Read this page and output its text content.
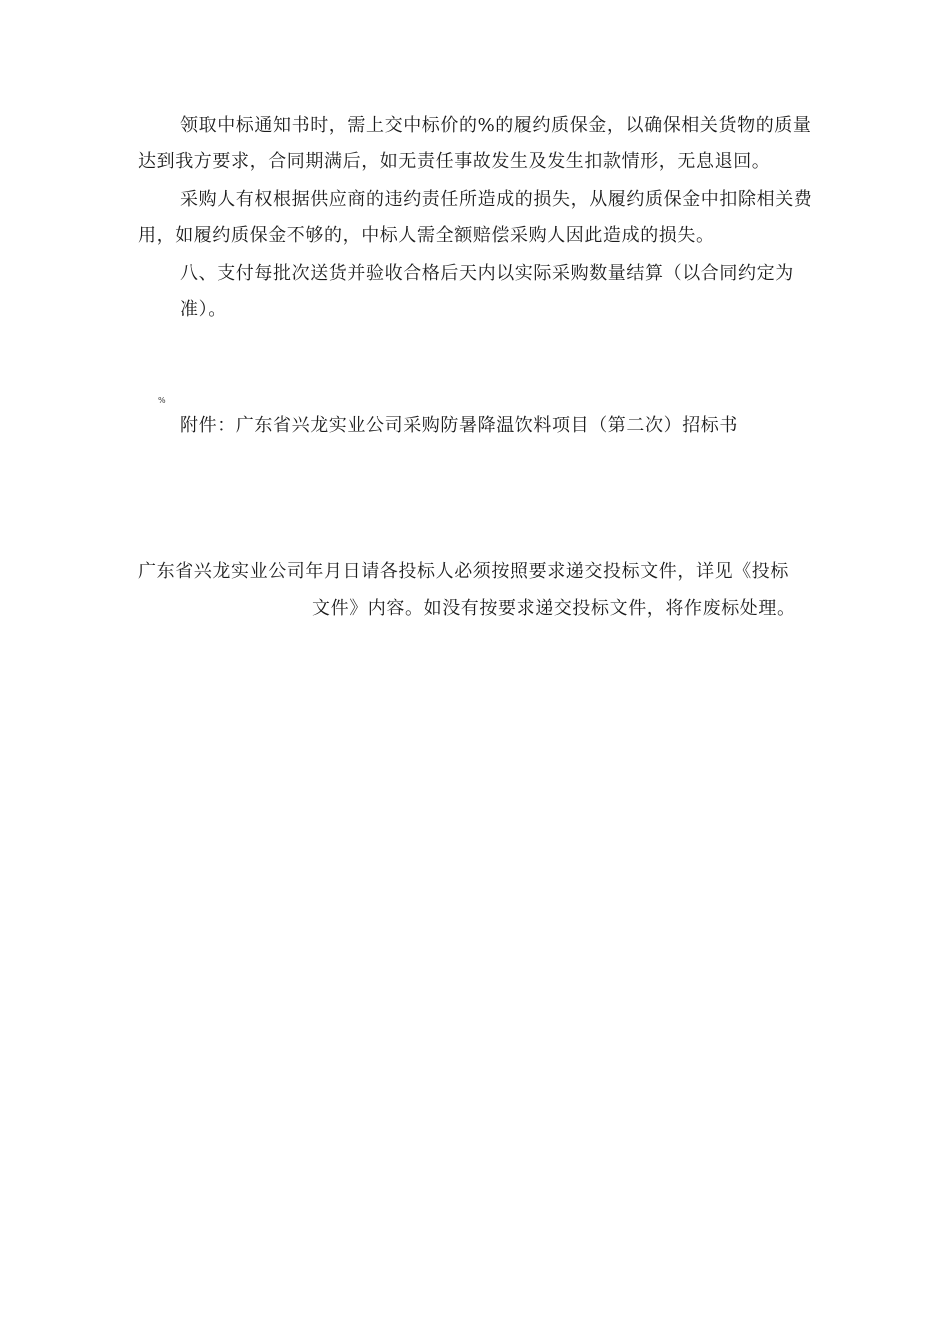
领取中标通知书时，需上交中标价的%的履约质保金，以确保相关货物的质量
达到我方要求，合同期满后，如无责任事故发生及发生扣款情形，无息退回。
采购人有权根据供应商的违约责任所造成的损失，从履约质保金中扣除相关费
用，如履约质保金不够的，中标人需全额赔偿采购人因此造成的损失。
八、支付每批次送货并验收合格后天内以实际采购数量结算（以合同约定为
准）。
%
附件：广东省兴龙实业公司采购防暑降温饮料项目（第二次）招标书
广东省兴龙实业公司年月日请各投标人必须按照要求递交投标文件，详见《投标
文件》内容。如没有按要求递交投标文件，将作废标处理。
